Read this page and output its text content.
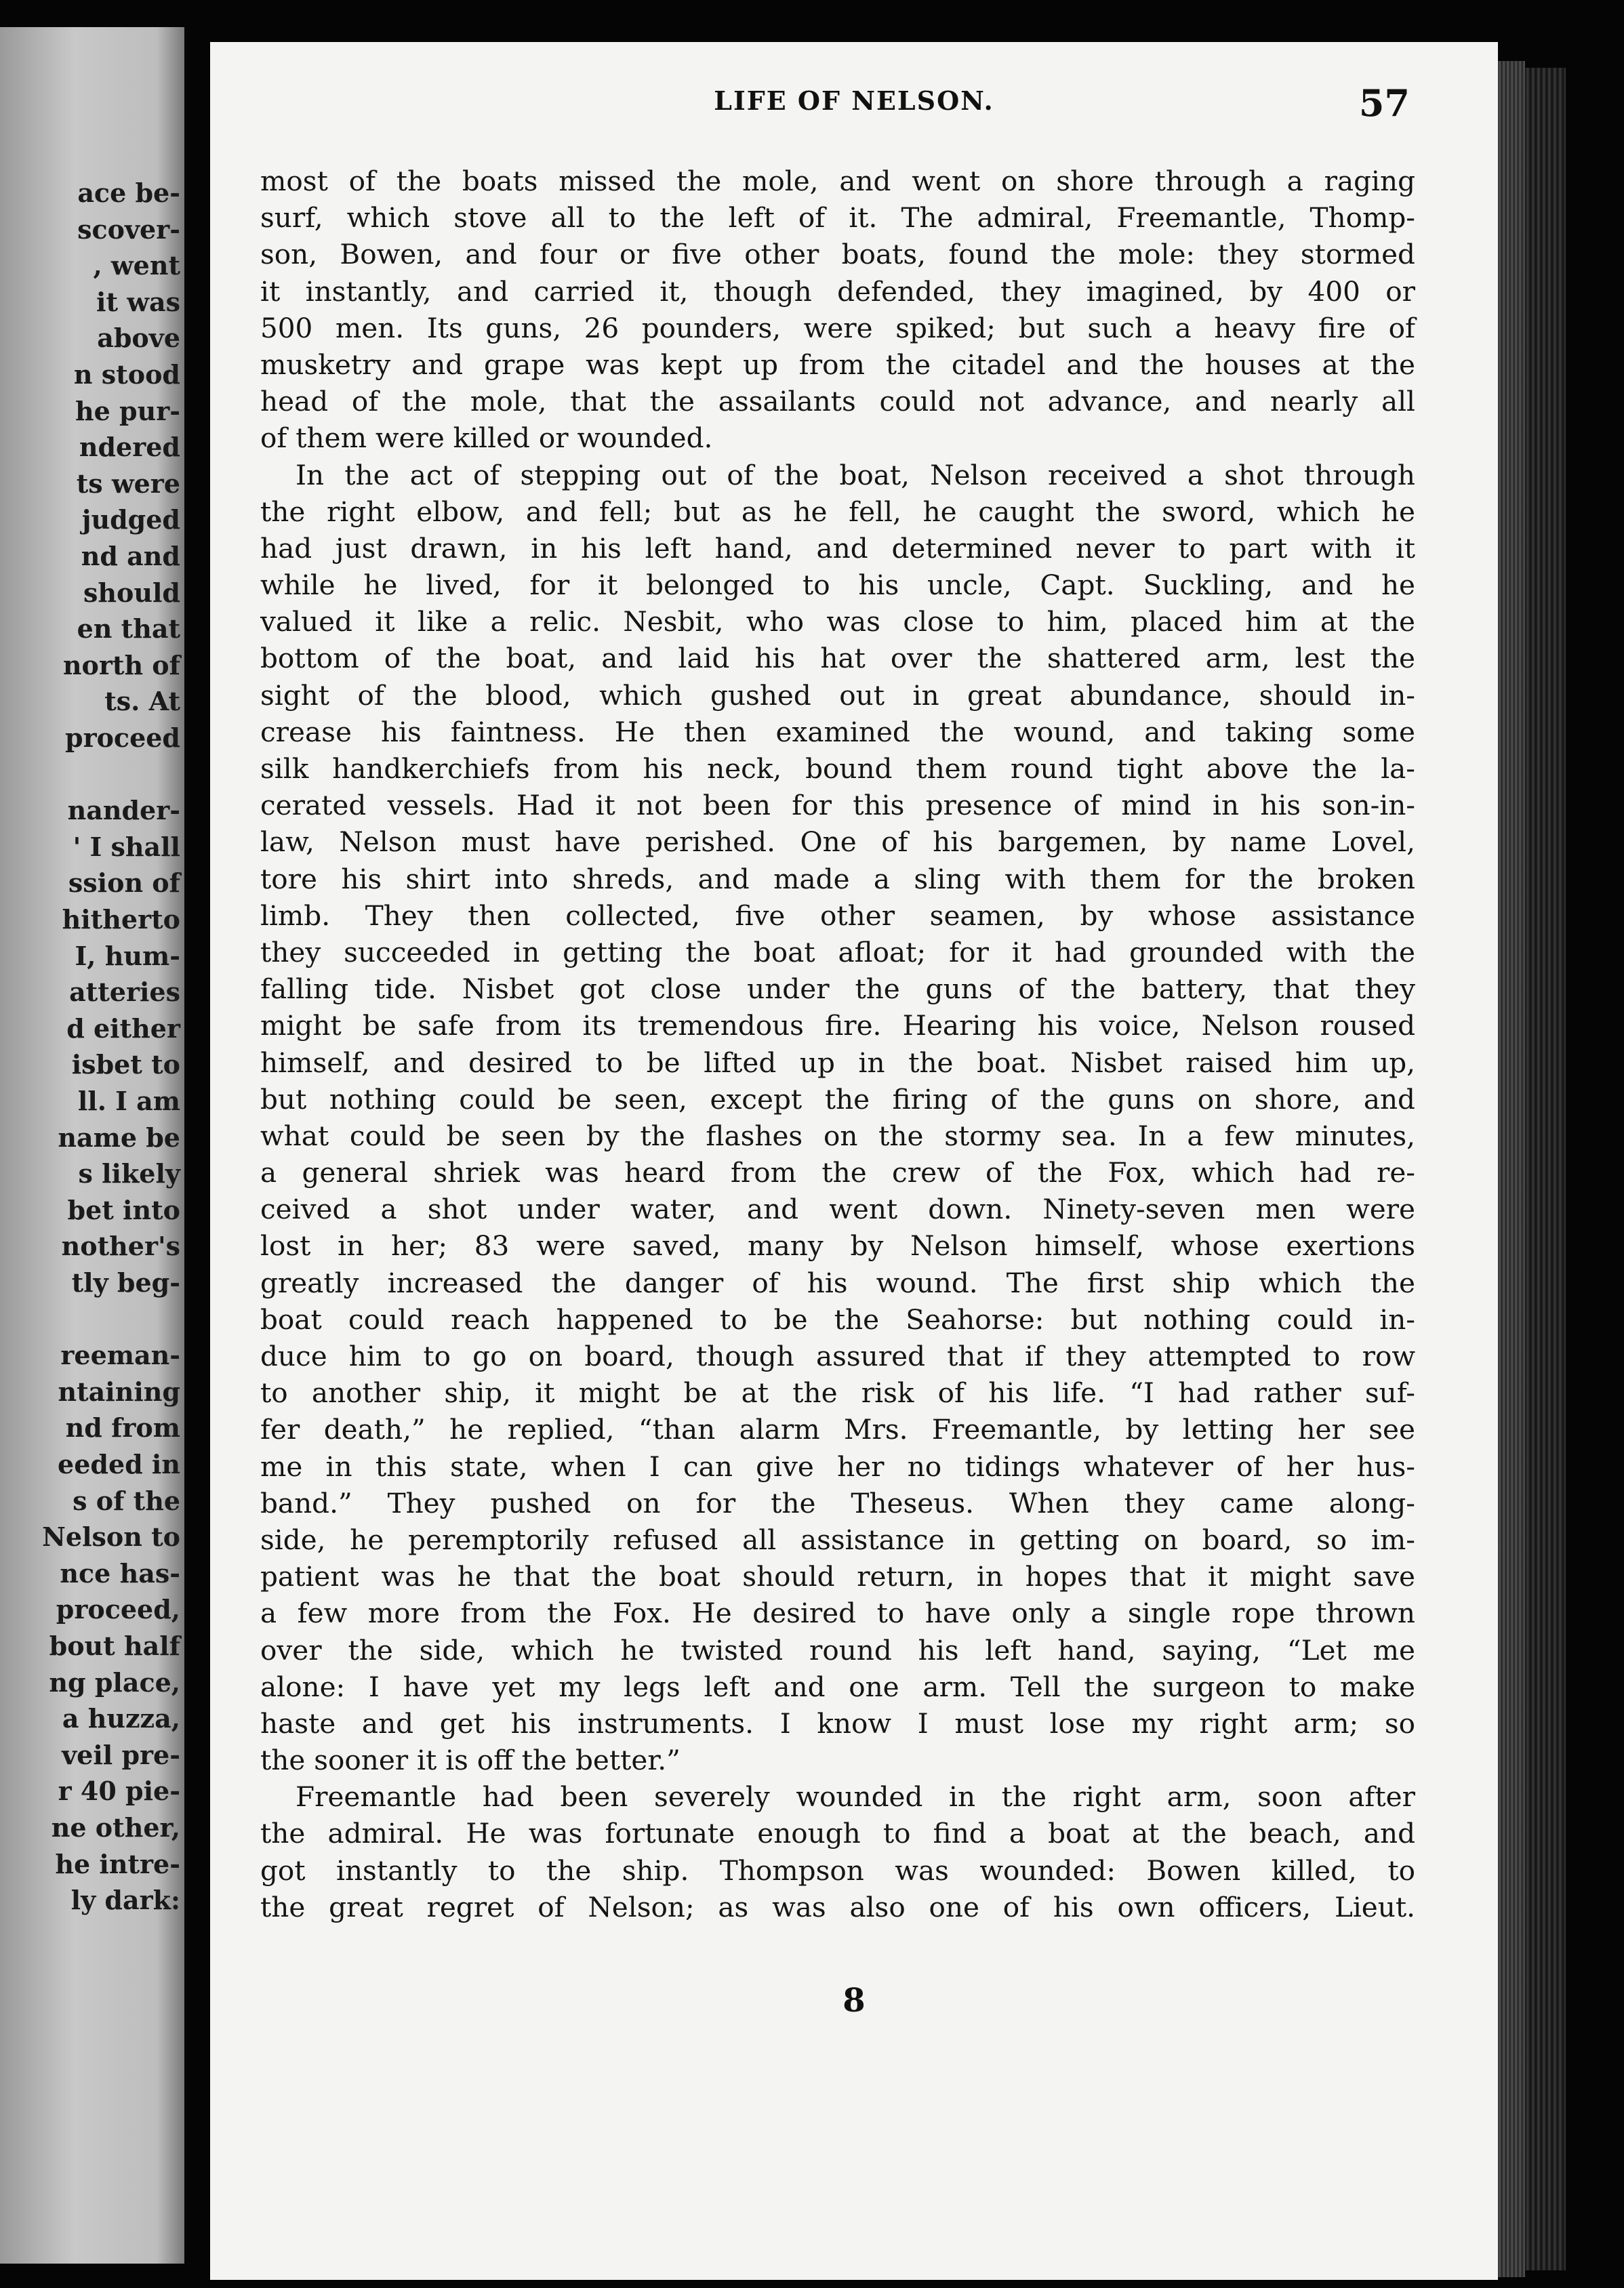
ace be-
scover-
, went
it was
above
n stood
he pur-
ndered
ts were
judged
nd and
should
en that
north of
ts. At
proceed
nander-
' I shall
ssion of
hitherto
I, hum-
atteries
d either
isbet to
ll. I am
name be
s likely
bet into
nother's
tly beg-
reeman-
ntaining
nd from
eeded in
s of the
Nelson to
nce has-
proceed,
bout half
ng place,
a huzza,
veil pre-
r 40 pie-
ne other,
he intre-
ly dark:
LIFE OF NELSON.	57
most of the boats missed the mole, and went on shore through a raging
surf, which stove all to the left of it. The admiral, Freemantle, Thomp-
son, Bowen, and four or five other boats, found the mole: they stormed
it instantly, and carried it, though defended, they imagined, by 400 or
500 men. Its guns, 26 pounders, were spiked; but such a heavy fire of
musketry and grape was kept up from the citadel and the houses at the
head of the mole, that the assailants could not advance, and nearly all
of them were killed or wounded.
In the act of stepping out of the boat, Nelson received a shot through
the right elbow, and fell; but as he fell, he caught the sword, which he
had just drawn, in his left hand, and determined never to part with it
while he lived, for it belonged to his uncle, Capt. Suckling, and he
valued it like a relic. Nesbit, who was close to him, placed him at the
bottom of the boat, and laid his hat over the shattered arm, lest the
sight of the blood, which gushed out in great abundance, should in-
crease his faintness. He then examined the wound, and taking some
silk handkerchiefs from his neck, bound them round tight above the la-
cerated vessels. Had it not been for this presence of mind in his son-in-
law, Nelson must have perished. One of his bargemen, by name Lovel,
tore his shirt into shreds, and made a sling with them for the broken
limb. They then collected, five other seamen, by whose assistance
they succeeded in getting the boat afloat; for it had grounded with the
falling tide. Nisbet got close under the guns of the battery, that they
might be safe from its tremendous fire. Hearing his voice, Nelson roused
himself, and desired to be lifted up in the boat. Nisbet raised him up,
but nothing could be seen, except the firing of the guns on shore, and
what could be seen by the flashes on the stormy sea. In a few minutes,
a general shriek was heard from the crew of the Fox, which had re-
ceived a shot under water, and went down. Ninety-seven men were
lost in her; 83 were saved, many by Nelson himself, whose exertions
greatly increased the danger of his wound. The first ship which the
boat could reach happened to be the Seahorse: but nothing could in-
duce him to go on board, though assured that if they attempted to row
to another ship, it might be at the risk of his life. “I had rather suf-
fer death,” he replied, “than alarm Mrs. Freemantle, by letting her see
me in this state, when I can give her no tidings whatever of her hus-
band.” They pushed on for the Theseus. When they came along-
side, he peremptorily refused all assistance in getting on board, so im-
patient was he that the boat should return, in hopes that it might save
a few more from the Fox. He desired to have only a single rope thrown
over the side, which he twisted round his left hand, saying, “Let me
alone: I have yet my legs left and one arm. Tell the surgeon to make
haste and get his instruments. I know I must lose my right arm; so
the sooner it is off the better.”
Freemantle had been severely wounded in the right arm, soon after
the admiral. He was fortunate enough to find a boat at the beach, and
got instantly to the ship. Thompson was wounded: Bowen killed, to
the great regret of Nelson; as was also one of his own officers, Lieut.
8
